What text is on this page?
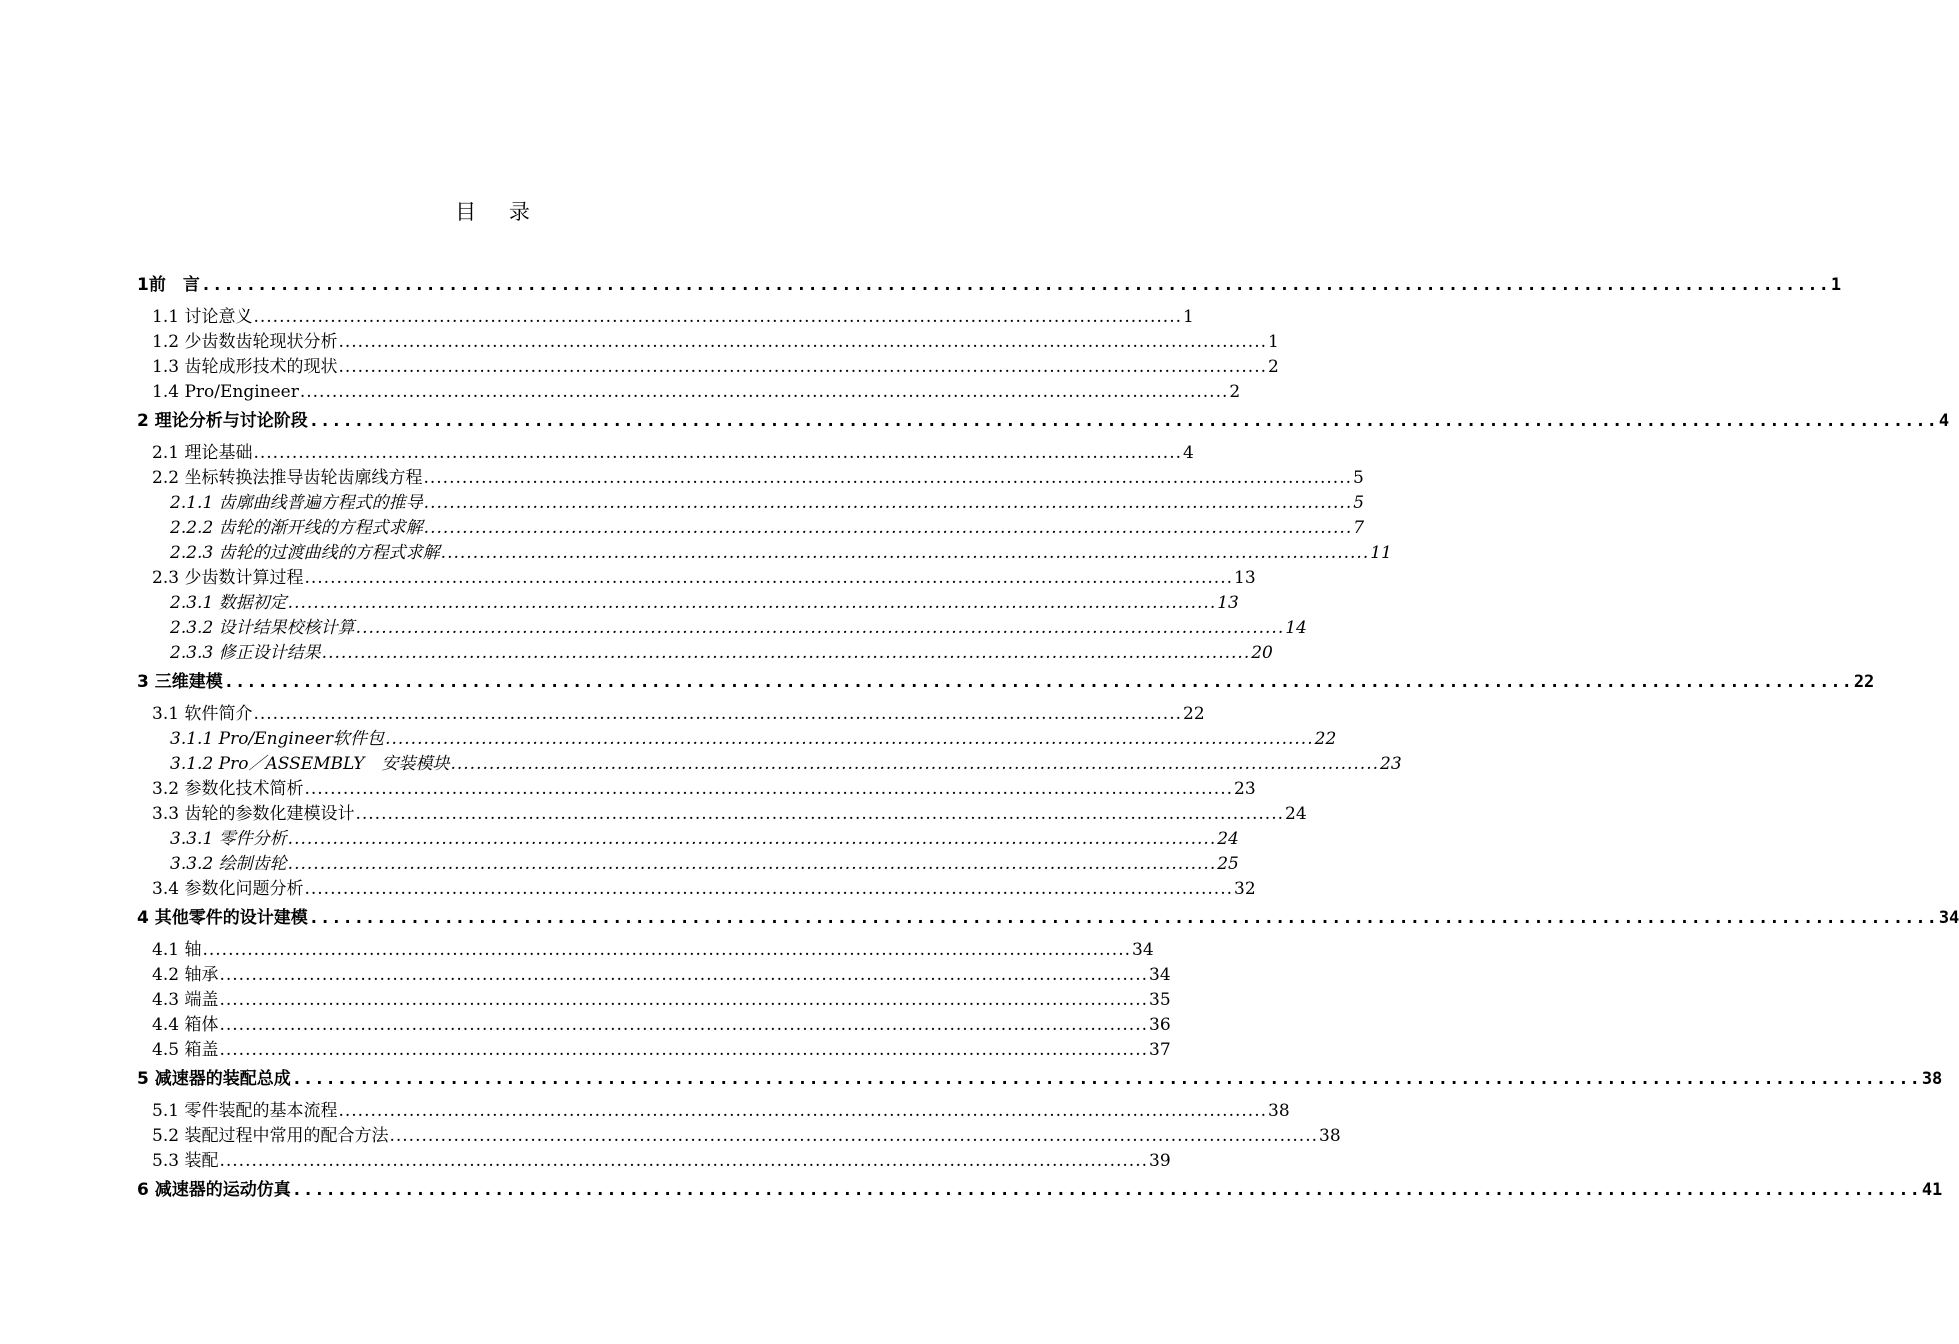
目 录
1前　言 ................................................................................................................................................. 1
1.1 讨论意义 ................................................................................................................................................. 1
1.2 少齿数齿轮现状分析 ................................................................................................................................................. 1
1.3 齿轮成形技术的现状 ................................................................................................................................................. 2
1.4 Pro/Engineer ................................................................................................................................................. 2
2 理论分析与讨论阶段 ................................................................................................................................................. 4
2.1 理论基础 ................................................................................................................................................. 4
2.2 坐标转换法推导齿轮齿廓线方程 ................................................................................................................................................. 5
2.1.1 齿廓曲线普遍方程式的推导 ................................................................................................................................................. 5
2.2.2 齿轮的渐开线的方程式求解 ................................................................................................................................................. 7
2.2.3 齿轮的过渡曲线的方程式求解 ................................................................................................................................................. 11
2.3 少齿数计算过程 ................................................................................................................................................. 13
2.3.1 数据初定 ................................................................................................................................................. 13
2.3.2 设计结果校核计算 ................................................................................................................................................. 14
2.3.3 修正设计结果 ................................................................................................................................................. 20
3 三维建模 ................................................................................................................................................. 22
3.1 软件简介 ................................................................................................................................................. 22
3.1.1 Pro/Engineer软件包 ................................................................................................................................................. 22
3.1.2 Pro／ASSEMBLY　安装模块 ................................................................................................................................................. 23
3.2 参数化技术简析 ................................................................................................................................................. 23
3.3 齿轮的参数化建模设计 ................................................................................................................................................. 24
3.3.1 零件分析 ................................................................................................................................................. 24
3.3.2 绘制齿轮 ................................................................................................................................................. 25
3.4 参数化问题分析 ................................................................................................................................................. 32
4 其他零件的设计建模 ................................................................................................................................................. 34
4.1 轴 ................................................................................................................................................. 34
4.2 轴承 ................................................................................................................................................. 34
4.3 端盖 ................................................................................................................................................. 35
4.4 箱体 ................................................................................................................................................. 36
4.5 箱盖 ................................................................................................................................................. 37
5 减速器的装配总成 ................................................................................................................................................. 38
5.1 零件装配的基本流程 ................................................................................................................................................. 38
5.2 装配过程中常用的配合方法 ................................................................................................................................................. 38
5.3 装配 ................................................................................................................................................. 39
6 减速器的运动仿真 ................................................................................................................................................. 41
